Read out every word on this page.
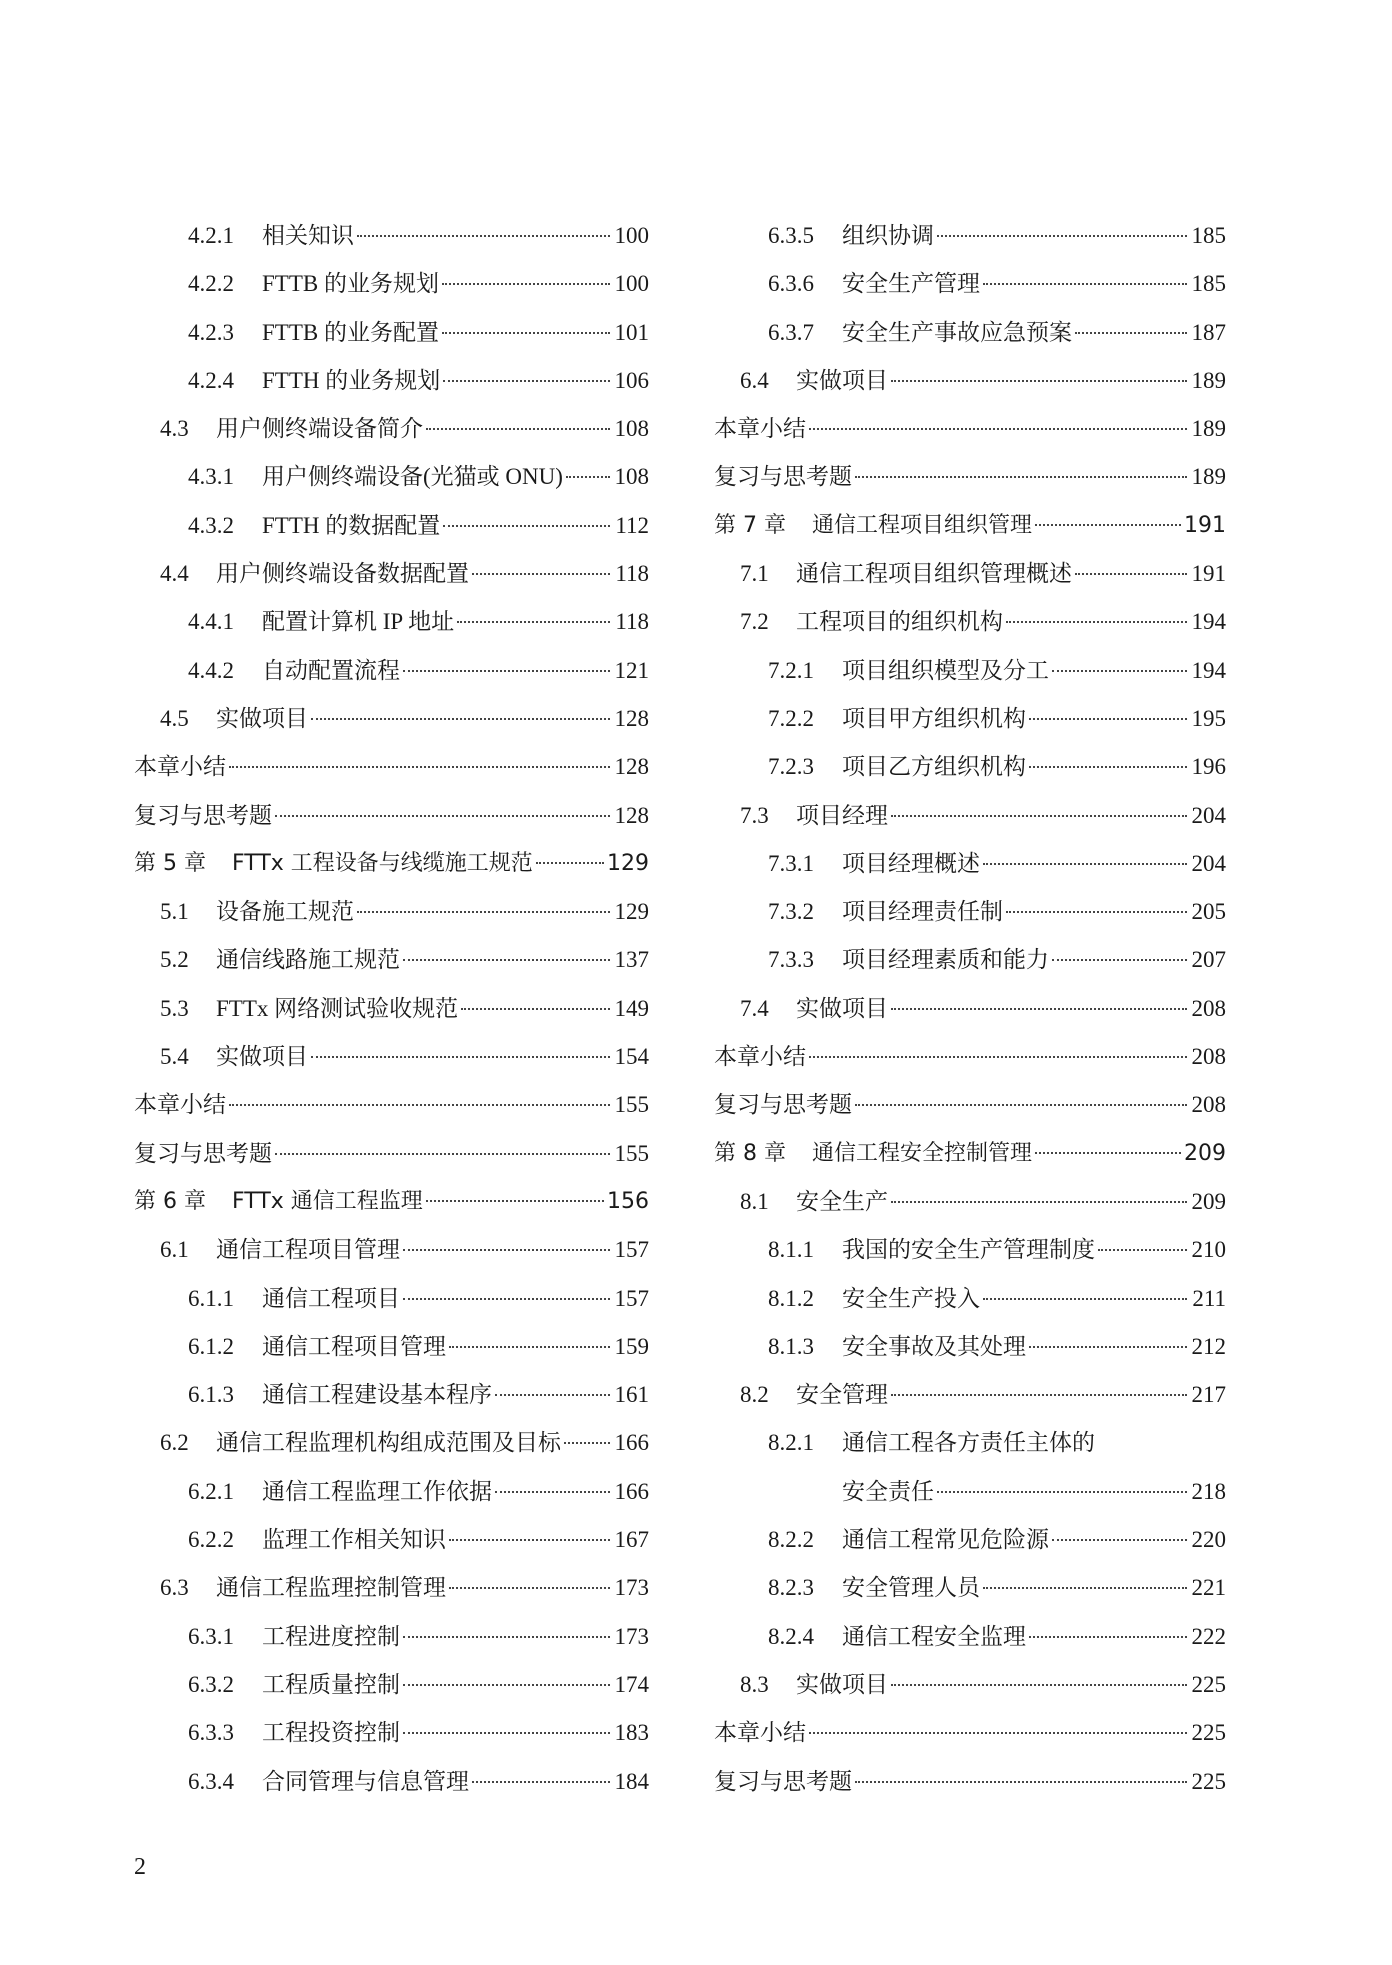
4.2.1	相关知识	100
4.2.2	FTTB 的业务规划	100
4.2.3	FTTB 的业务配置	101
4.2.4	FTTH 的业务规划	106
4.3	用户侧终端设备简介	108
4.3.1	用户侧终端设备(光猫或 ONU) 108
4.3.2	FTTH 的数据配置	112
4.4	用户侧终端设备数据配置	118
4.4.1	配置计算机 IP 地址	118
4.4.2	自动配置流程	121
4.5	实做项目	128
本章小结	128
复习与思考题	128
第 5 章	FTTx 工程设备与线缆施工规范	129
5.1	设备施工规范	129
5.2	通信线路施工规范	137
5.3	FTTx 网络测试验收规范	149
5.4	实做项目	154
本章小结	155
复习与思考题	155
第 6 章	FTTx 通信工程监理	156
6.1	通信工程项目管理	157
6.1.1	通信工程项目	157
6.1.2	通信工程项目管理	159
6.1.3	通信工程建设基本程序	161
6.2	通信工程监理机构组成范围及目标 166
6.2.1	通信工程监理工作依据	166
6.2.2	监理工作相关知识	167
6.3	通信工程监理控制管理	173
6.3.1	工程进度控制	173
6.3.2	工程质量控制	174
6.3.3	工程投资控制	183
6.3.4	合同管理与信息管理	184
6.3.5	组织协调	185
6.3.6	安全生产管理	185
6.3.7	安全生产事故应急预案	187
6.4	实做项目	189
本章小结	189
复习与思考题	189
第 7 章	通信工程项目组织管理	191
7.1	通信工程项目组织管理概述	191
7.2	工程项目的组织机构	194
7.2.1	项目组织模型及分工	194
7.2.2	项目甲方组织机构	195
7.2.3	项目乙方组织机构	196
7.3	项目经理	204
7.3.1	项目经理概述	204
7.3.2	项目经理责任制	205
7.3.3	项目经理素质和能力	207
7.4	实做项目	208
本章小结	208
复习与思考题	208
第 8 章	通信工程安全控制管理	209
8.1	安全生产	209
8.1.1	我国的安全生产管理制度	210
8.1.2	安全生产投入	211
8.1.3	安全事故及其处理	212
8.2	安全管理	217
8.2.1	通信工程各方责任主体的
安全责任	218
8.2.2	通信工程常见危险源	220
8.2.3	安全管理人员	221
8.2.4	通信工程安全监理	222
8.3	实做项目	225
本章小结	225
复习与思考题	225
2
